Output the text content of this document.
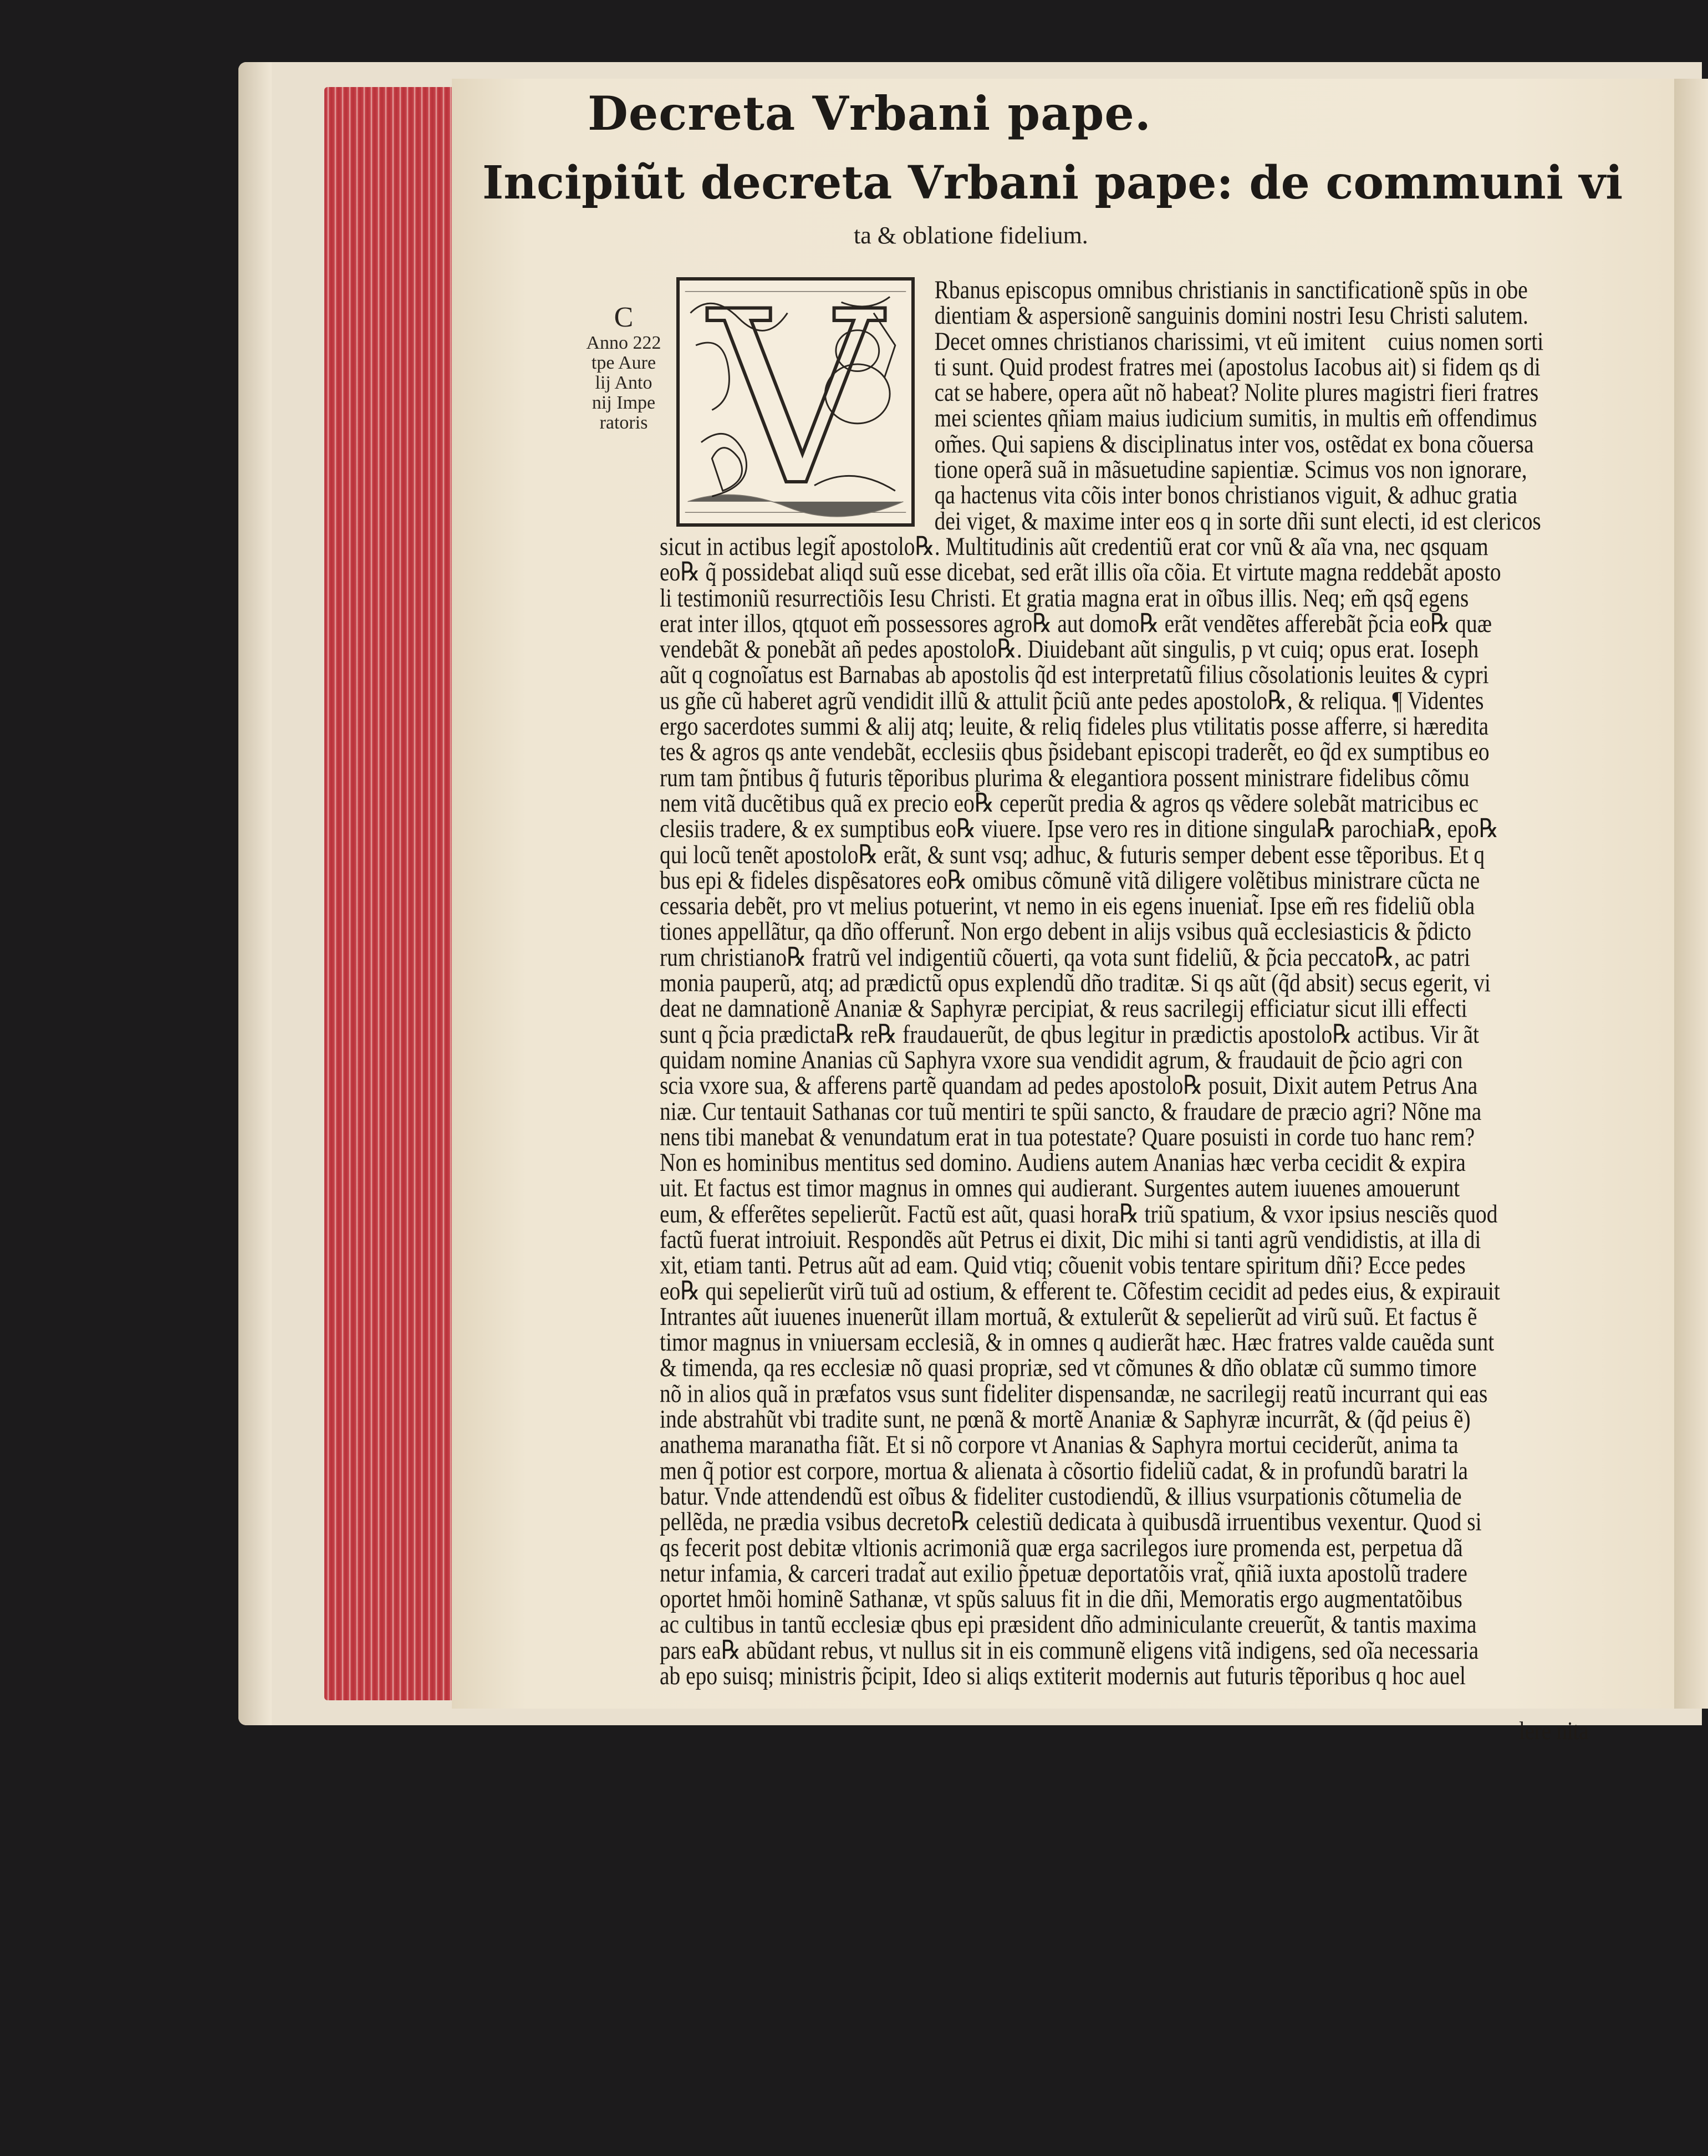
Decreta Vrbani pape.
Incipiũt decreta Vrbani pape: de communi vi
ta & oblatione fidelium.
C
Anno 222
tpe Aure
lij Anto
nij Impe
ratoris V	Rbanus episcopus omnibus christianis in sanctificationẽ spũs in obe
dientiam & aspersionẽ sanguinis domini nostri Iesu Christi salutem.
Decet omnes christianos charissimi, vt eũ imitentᷣ cuius nomen sorti
ti sunt. Quid prodest fratres mei (apostolus Iacobus ait) si fidem qs di
cat se habere, opera aũt nõ habeat? Nolite plures magistri fieri fratres
mei scientes qñiam maius iudicium sumitis, in multis em̃ offendimus
om̃es. Qui sapiens & disciplinatus inter vos, ostẽdat ex bona cõuersa
tione operã suã in mãsuetudine sapientiæ. Scimus vos non ignorare,
qa hactenus vita cõis inter bonos christianos viguit, & adhuc gratia
dei viget, & maxime inter eos q in sorte dñi sunt electi, id est clericos
sicut in actibus legit̃ apostolo℞. Multitudinis aũt credentiũ erat cor vnũ & aĩa vna, nec qsquam
eo℞ q̃ possidebat aliqd suũ esse dicebat, sed erãt illis oĩa cõia. Et virtute magna reddebãt aposto
li testimoniũ resurrectiõis Iesu Christi. Et gratia magna erat in oĩbus illis. Neq; em̃ qsq̃ egens
erat inter illos, qtquot em̃ possessores agro℞ aut domo℞ erãt vendẽtes afferebãt p̃cia eo℞ quæ
vendebãt & ponebãt añ pedes apostolo℞. Diuidebant aũt singulis, p vt cuiq; opus erat. Ioseph
aũt q cognoĩatus est Barnabas ab apostolis q̃d est interpretatũ filius cõsolationis leuites & cypri
us gñe cũ haberet agrũ vendidit illũ & attulit p̃ciũ ante pedes apostolo℞, & reliqua. ¶ Videntes
ergo sacerdotes summi & alij atq; leuite, & reliq fideles plus vtilitatis posse afferre, si hæredita
tes & agros qs ante vendebãt, ecclesiis qbus p̃sidebant episcopi traderẽt, eo q̃d ex sumptibus eo
rum tam p̃ntibus q̃ futuris tẽporibus plurima & elegantiora possent ministrare fidelibus cõmu
nem vitã ducẽtibus quã ex precio eo℞ ceperũt predia & agros qs vẽdere solebãt matricibus ec
clesiis tradere, & ex sumptibus eo℞ viuere. Ipse vero res in ditione singula℞ parochia℞, epo℞
qui locũ tenẽt apostolo℞ erãt, & sunt vsq; adhuc, & futuris semper debent esse tẽporibus. Et q
bus epi & fideles dispẽsatores eo℞ omibus cõmunẽ vitã diligere volẽtibus ministrare cũcta ne
cessaria debẽt, pro vt melius potuerint, vt nemo in eis egens inueniat̃. Ipse em̃ res fideliũ obla
tiones appellãtur, qa dño offerunt̃. Non ergo debent in alijs vsibus quã ecclesiasticis & p̃dicto
rum christiano℞ fratrũ vel indigentiũ cõuerti, qa vota sunt fideliũ, & p̃cia peccato℞, ac patri
monia pauperũ, atq; ad prædictũ opus explendũ dño traditæ. Si qs aũt (q̃d absit) secus egerit, vi
deat ne damnationẽ Ananiæ & Saphyræ percipiat, & reus sacrilegij efficiatur sicut illi effecti
sunt q p̃cia prædicta℞ re℞ fraudauerũt, de qbus legitur in prædictis apostolo℞ actibus. Vir ãt
quidam nomine Ananias cũ Saphyra vxore sua vendidit agrum, & fraudauit de p̃cio agri con
scia vxore sua, & afferens partẽ quandam ad pedes apostolo℞ posuit, Dixit autem Petrus Ana
niæ. Cur tentauit Sathanas cor tuũ mentiri te spũi sancto, & fraudare de præcio agri? Nõne ma
nens tibi manebat & venundatum erat in tua potestate? Quare posuisti in corde tuo hanc rem?
Non es hominibus mentitus sed domino. Audiens autem Ananias hæc verba cecidit & expira
uit. Et factus est timor magnus in omnes qui audierant. Surgentes autem iuuenes amouerunt
eum, & efferẽtes sepelierũt. Factũ est aũt, quasi hora℞ triũ spatium, & vxor ipsius nesciẽs quod
factũ fuerat introiuit. Respondẽs aũt Petrus ei dixit, Dic mihi si tanti agrũ vendidistis, at illa di
xit, etiam tanti. Petrus aũt ad eam. Quid vtiq; cõuenit vobis tentare spiritum dñi? Ecce pedes
eo℞ qui sepelierũt virũ tuũ ad ostium, & efferent te. Cõfestim cecidit ad pedes eius, & expirauit
Intrantes aũt iuuenes inuenerũt illam mortuã, & extulerũt & sepelierũt ad virũ suũ. Et factus ẽ
timor magnus in vniuersam ecclesiã, & in omnes q audierãt hæc. Hæc fratres valde cauẽda sunt
& timenda, qa res ecclesiæ nõ quasi propriæ, sed vt cõmunes & dño oblatæ cũ summo timore
nõ in alios quã in præfatos vsus sunt fideliter dispensandæ, ne sacrilegij reatũ incurrant qui eas
inde abstrahũt vbi tradite sunt, ne pœnã & mortẽ Ananiæ & Saphyræ incurrãt, & (q̃d peius ẽ)
anathema maranatha fiãt. Et si nõ corpore vt Ananias & Saphyra mortui ceciderũt, anima ta
men q̃ potior est corpore, mortua & alienata à cõsortio fideliũ cadat, & in profundũ baratri la
batur. Vnde attendendũ est oĩbus & fideliter custodiendũ, & illius vsurpationis cõtumelia de
pellẽda, ne prædia vsibus decreto℞ celestiũ dedicata à quibusdã irruentibus vexentur. Quod si
qs fecerit post debitæ vltionis acrimoniã quæ erga sacrilegos iure promenda est, perpetua dã
netur infamia, & carceri tradat̃ aut exilio p̃petuæ deportatõis vrat̃, qñiã iuxta apostolũ tradere
oportet hmõi hominẽ Sathanæ, vt spũs saluus fit in die dñi, Memoratis ergo augmentatõibus
ac cultibus in tantũ ecclesiæ qbus epi præsident dño adminiculante creuerũt, & tantis maxima
pars ea℞ abũdant rebus, vt nullus sit in eis communẽ eligens vitã indigens, sed oĩa necessaria
ab epo suisq; ministris p̃cipit, Ideo si aliqs extiterit modernis aut futuris tẽporibus q hoc auel
lere nita
